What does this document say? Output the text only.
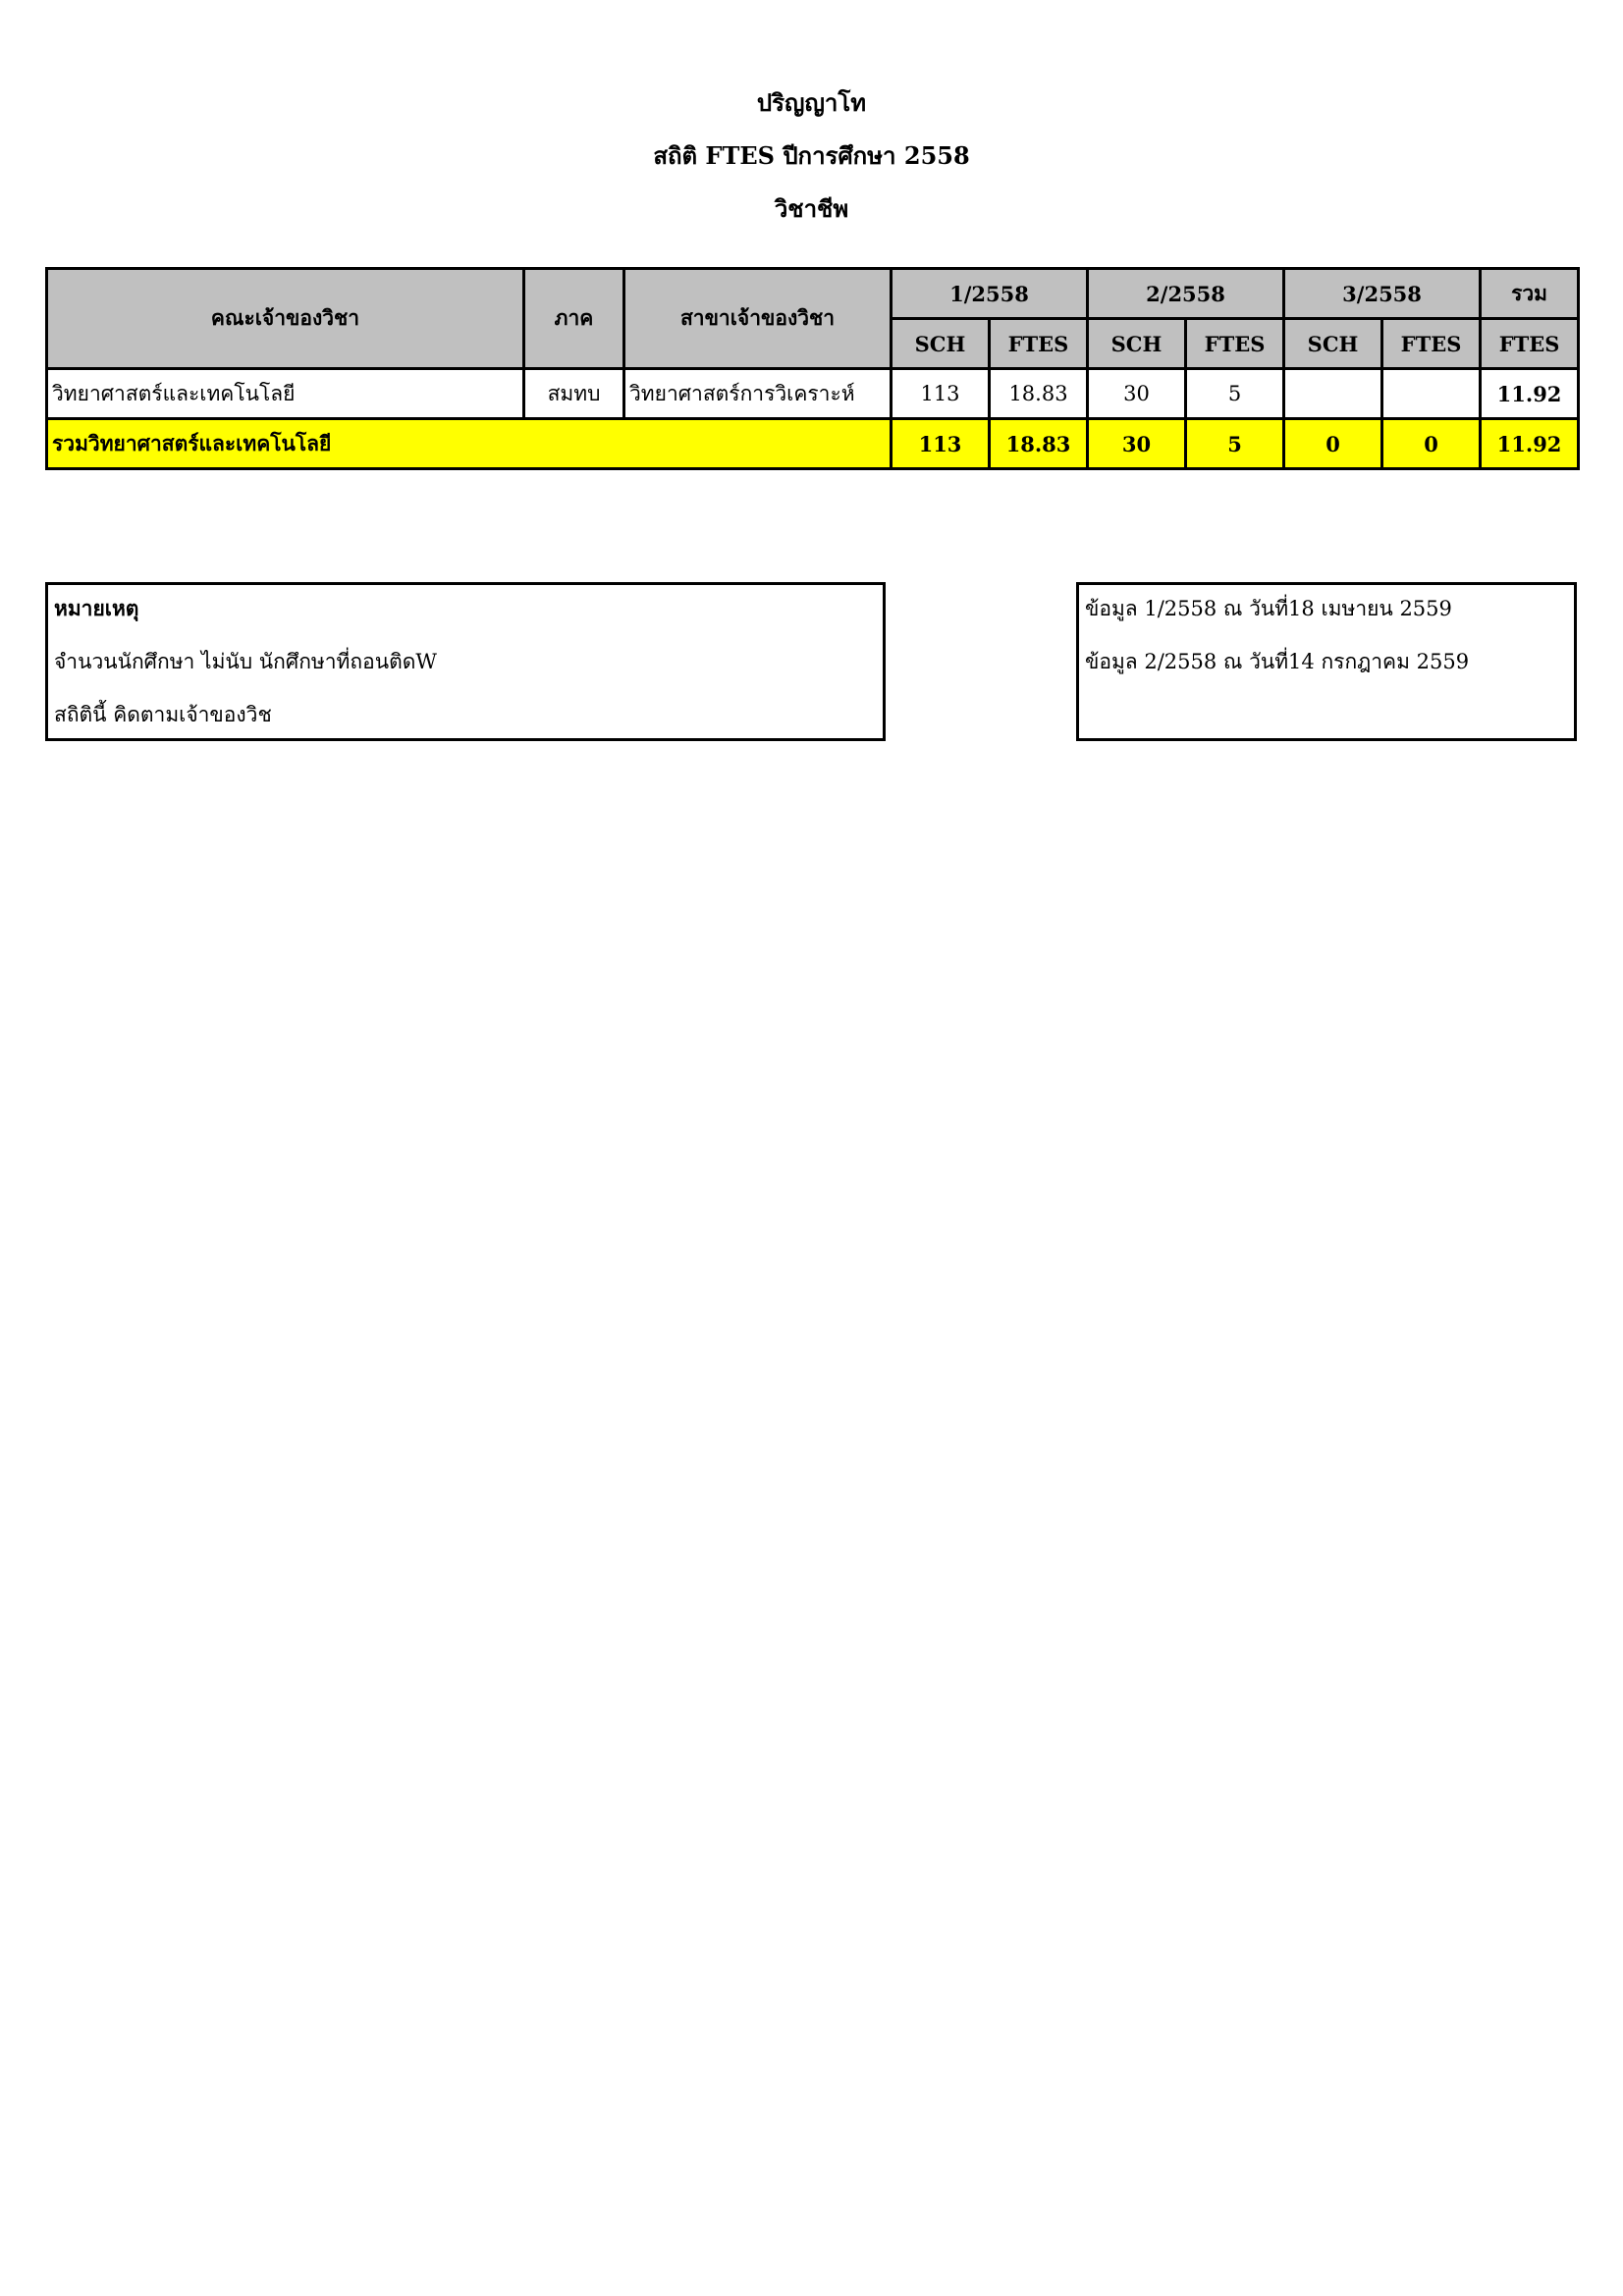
ปริญญาโท
สถิติ FTES ปีการศึกษา 2558
วิชาชีพ
คณะเจ้าของวิชา	ภาค	สาขาเจ้าของวิชา	1/2558		2/2558		3/2558		รวม
			SCH	FTES	SCH	FTES	SCH	FTES	FTES
วิทยาศาสตร์และเทคโนโลยี	สมทบ	วิทยาศาสตร์การวิเคราะห์	113	18.83	30	5			11.92
รวมวิทยาศาสตร์และเทคโนโลยี			113	18.83	30	5	0	0	11.92
หมายเหตุ
จำนวนนักศึกษา ไม่นับ นักศึกษาที่ถอนติดW
สถิตินี้ คิดตามเจ้าของวิช
ข้อมูล 1/2558 ณ วันที่18 เมษายน 2559
ข้อมูล 2/2558 ณ วันที่14 กรกฎาคม 2559
